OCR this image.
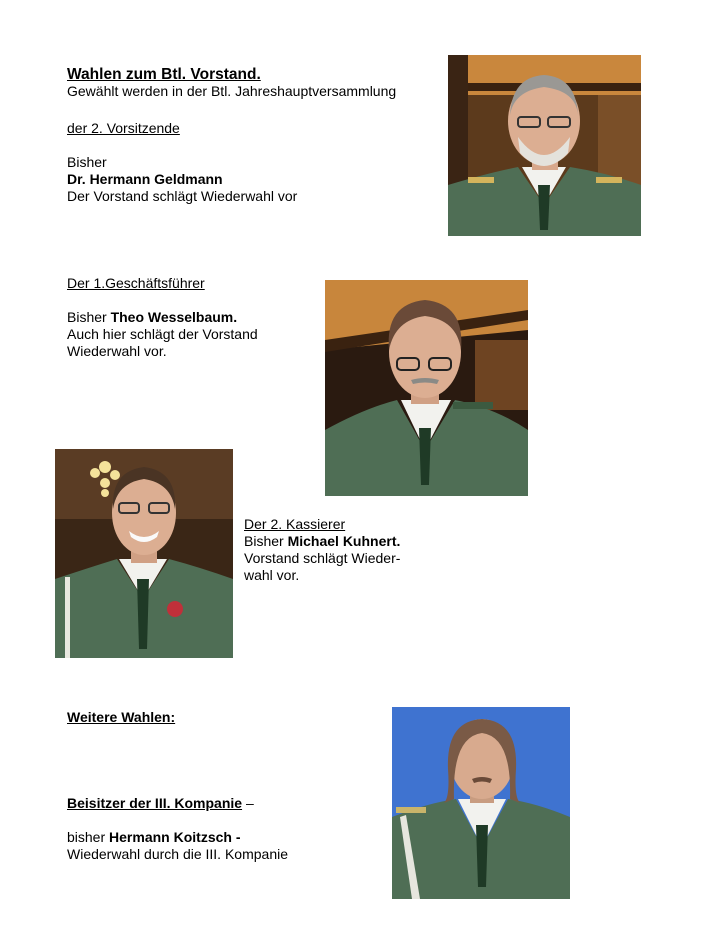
Wahlen zum Btl. Vorstand.
Gewählt werden in der Btl. Jahreshauptversammlung
der 2. Vorsitzende
Bisher
Dr. Hermann Geldmann
Der Vorstand schlägt Wiederwahl vor
Der 1.Geschäftsführer
Bisher Theo Wesselbaum.
Auch hier schlägt der Vorstand
Wiederwahl vor.
Der 2. Kassierer
Bisher Michael Kuhnert.
Vorstand schlägt Wieder-
wahl vor.
Weitere Wahlen:
Beisitzer der III. Kompanie –
bisher Hermann Koitzsch -
Wiederwahl durch die III. Kompanie
